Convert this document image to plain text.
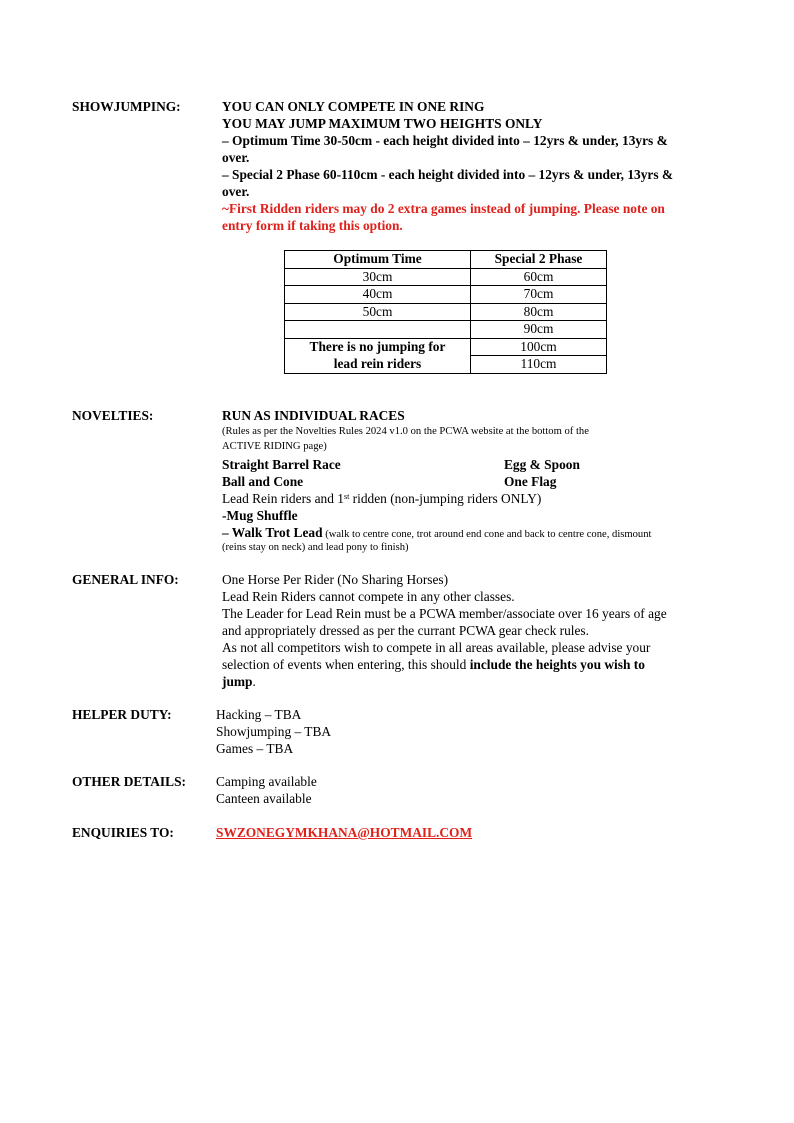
SHOWJUMPING:	YOU CAN ONLY COMPETE IN ONE RING
YOU MAY JUMP MAXIMUM TWO HEIGHTS ONLY
– Optimum Time 30-50cm - each height divided into – 12yrs & under, 13yrs &
over.
– Special 2 Phase 60-110cm - each height divided into – 12yrs & under, 13yrs &
over.
~First Ridden riders may do 2 extra games instead of jumping. Please note on
entry form if taking this option.
Optimum Time	Special 2 Phase
30cm	60cm
40cm	70cm
50cm	80cm
	90cm

There is no jumping for
lead rein riders	100cm
	110cm
NOVELTIES:	RUN AS INDIVIDUAL RACES
(Rules as per the Novelties Rules 2024 v1.0 on the PCWA website at the bottom of the
ACTIVE RIDING page)
Straight Barrel Race	Egg & Spoon
Ball and Cone	One Flag
Lead Rein riders and 1st ridden (non-jumping riders ONLY)
-Mug Shuffle
– Walk Trot Lead (walk to centre cone, trot around end cone and back to centre cone, dismount
(reins stay on neck) and lead pony to finish)
GENERAL INFO:	One Horse Per Rider (No Sharing Horses)
Lead Rein Riders cannot compete in any other classes.
The Leader for Lead Rein must be a PCWA member/associate over 16 years of age
and appropriately dressed as per the currant PCWA gear check rules.
As not all competitors wish to compete in all areas available, please advise your
selection of events when entering, this should include the heights you wish to
jump.
HELPER DUTY:	Hacking – TBA
Showjumping – TBA
Games – TBA
OTHER DETAILS: Camping available
Canteen available
ENQUIRIES TO:	SWZONEGYMKHANA@HOTMAIL.COM
